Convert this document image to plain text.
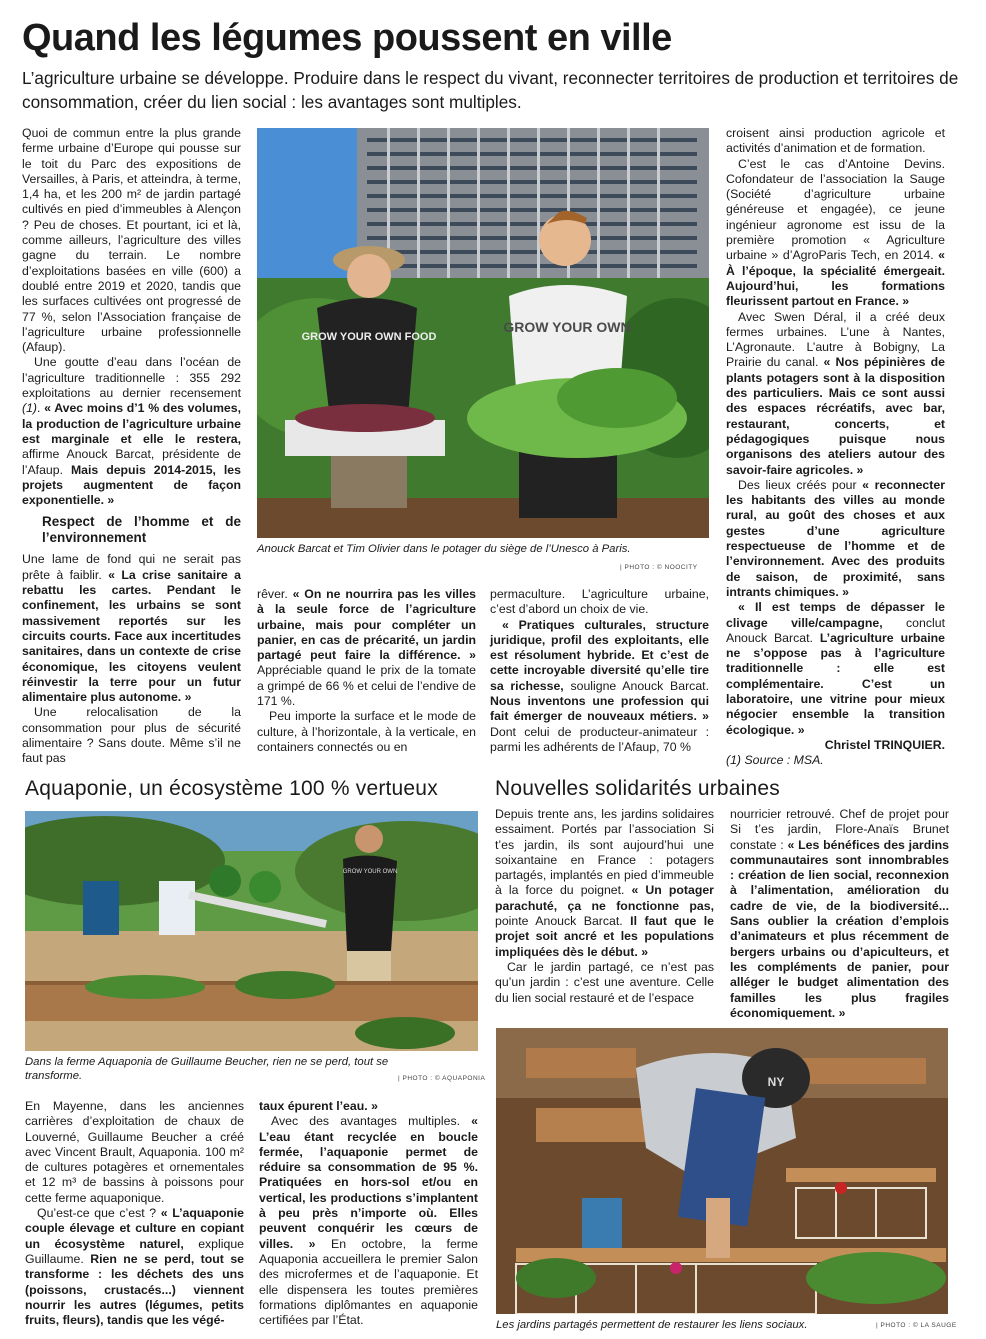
Quand les légumes poussent en ville
L’agriculture urbaine se développe. Produire dans le respect du vivant, reconnecter territoires de production et territoires de consommation, créer du lien social : les avantages sont multiples.

Quoi de commun entre la plus grande ferme urbaine d’Europe qui pousse sur le toit du Parc des expositions de Versailles, à Paris, et atteindra, à terme, 1,4 ha, et les 200 m² de jardin partagé cultivés en pied d’immeubles à Alençon ? Peu de choses. Et pourtant, ici et là, comme ailleurs, l’agriculture des villes gagne du terrain. Le nombre d’exploitations basées en ville (600) a doublé entre 2019 et 2020, tandis que les surfaces cultivées ont progressé de 77 %, selon l’Association française de l’agriculture urbaine professionnelle (Afaup).

Une goutte d’eau dans l’océan de l’agriculture traditionnelle : 355 292 exploitations au dernier recensement (1). « Avec moins d’1 % des volumes, la production de l’agriculture urbaine est marginale et elle le restera, affirme Anouck Barcat, présidente de l’Afaup. Mais depuis 2014-2015, les projets augmentent de façon exponentielle. »

Respect de l’homme et de l’environnement

Une lame de fond qui ne serait pas prête à faiblir. « La crise sanitaire a rebattu les cartes. Pendant le confinement, les urbains se sont massivement reportés sur les circuits courts. Face aux incertitudes sanitaires, dans un contexte de crise économique, les citoyens veulent réinvestir la terre pour un futur alimentaire plus autonome. »

Une relocalisation de la consommation pour plus de sécurité alimentaire ? Sans doute. Même s’il ne faut pas

GROW YOUR OWN FOOD
GROW YOUR OWN
Anouck Barcat et Tim Olivier dans le potager du siège de l’Unesco à Paris.
| PHOTO : © NOOCITY

rêver. « On ne nourrira pas les villes à la seule force de l’agriculture urbaine, mais pour compléter un panier, en cas de précarité, un jardin partagé peut faire la différence. » Appréciable quand le prix de la tomate a grimpé de 66 % et celui de l’endive de 171 %.

Peu importe la surface et le mode de culture, à l’horizontale, à la verticale, en containers connectés ou en

permaculture. L’agriculture urbaine, c’est d’abord un choix de vie.

« Pratiques culturales, structure juridique, profil des exploitants, elle est résolument hybride. Et c’est de cette incroyable diversité qu’elle tire sa richesse, souligne Anouck Barcat. Nous inventons une profession qui fait émerger de nouveaux métiers. » Dont celui de producteur-animateur : parmi les adhérents de l’Afaup, 70 %

croisent ainsi production agricole et activités d’animation et de formation.

C’est le cas d’Antoine Devins. Cofondateur de l’association la Sauge (Société d’agriculture urbaine généreuse et engagée), ce jeune ingénieur agronome est issu de la première promotion « Agriculture urbaine » d’AgroParis Tech, en 2014. « À l’époque, la spécialité émergeait. Aujourd’hui, les formations fleurissent partout en France. »

Avec Swen Déral, il a créé deux fermes urbaines. L’une à Nantes, L’Agronaute. L’autre à Bobigny, La Prairie du canal. « Nos pépinières de plants potagers sont à la disposition des particuliers. Mais ce sont aussi des espaces récréatifs, avec bar, restaurant, concerts, et pédagogiques puisque nous organisons des ateliers autour des savoir-faire agricoles. »

Des lieux créés pour « reconnecter les habitants des villes au monde rural, au goût des choses et aux gestes d’une agriculture respectueuse de l’homme et de l’environnement. Avec des produits de saison, de proximité, sans intrants chimiques. »

« Il est temps de dépasser le clivage ville/campagne, conclut Anouck Barcat. L’agriculture urbaine ne s’oppose pas à l’agriculture traditionnelle : elle est complémentaire. C’est un laboratoire, une vitrine pour mieux négocier ensemble la transition écologique. »

Christel TRINQUIER.

(1) Source : MSA.

Aquaponie, un écosystème 100 % vertueux
GROW YOUR OWN
Dans la ferme Aquaponia de Guillaume Beucher, rien ne se perd, tout se transforme.	| PHOTO : © AQUAPONIA

En Mayenne, dans les anciennes carrières d’exploitation de chaux de Louverné, Guillaume Beucher a créé avec Vincent Brault, Aquaponia. 100 m² de cultures potagères et ornementales et 12 m³ de bassins à poissons pour cette ferme aquaponique.

Qu’est-ce que c’est ? « L’aquaponie couple élevage et culture en copiant un écosystème naturel, explique Guillaume. Rien ne se perd, tout se transforme : les déchets des uns (poissons, crustacés...) viennent nourrir les autres (légumes, petits fruits, fleurs), tandis que les végé-

taux épurent l’eau. »

Avec des avantages multiples. « L’eau étant recyclée en boucle fermée, l’aquaponie permet de réduire sa consommation de 95 %. Pratiquées en hors-sol et/ou en vertical, les productions s’implantent à peu près n’importe où. Elles peuvent conquérir les cœurs de villes. » En octobre, la ferme Aquaponia accueillera le premier Salon des microfermes et de l’aquaponie. Et elle dispensera les toutes premières formations diplômantes en aquaponie certifiées par l’État.

Nouvelles solidarités urbaines

Depuis trente ans, les jardins solidaires essaiment. Portés par l’association Si t’es jardin, ils sont aujourd’hui une soixantaine en France : potagers partagés, implantés en pied d’immeuble à la force du poignet. « Un potager parachuté, ça ne fonctionne pas, pointe Anouck Barcat. Il faut que le projet soit ancré et les populations impliquées dès le début. »

Car le jardin partagé, ce n’est pas qu’un jardin : c’est une aventure. Celle du lien social restauré et de l’espace

nourricier retrouvé. Chef de projet pour Si t’es jardin, Flore-Anaïs Brunet constate : « Les bénéfices des jardins communautaires sont innombrables : création de lien social, reconnexion à l’alimentation, amélioration du cadre de vie, de la biodiversité... Sans oublier la création d’emplois d’animateurs et plus récemment de bergers urbains ou d’apiculteurs, et les compléments de panier, pour alléger le budget alimentation des familles les plus fragiles économiquement. »

NY
Les jardins partagés permettent de restaurer les liens sociaux.	| PHOTO : © LA SAUGE
